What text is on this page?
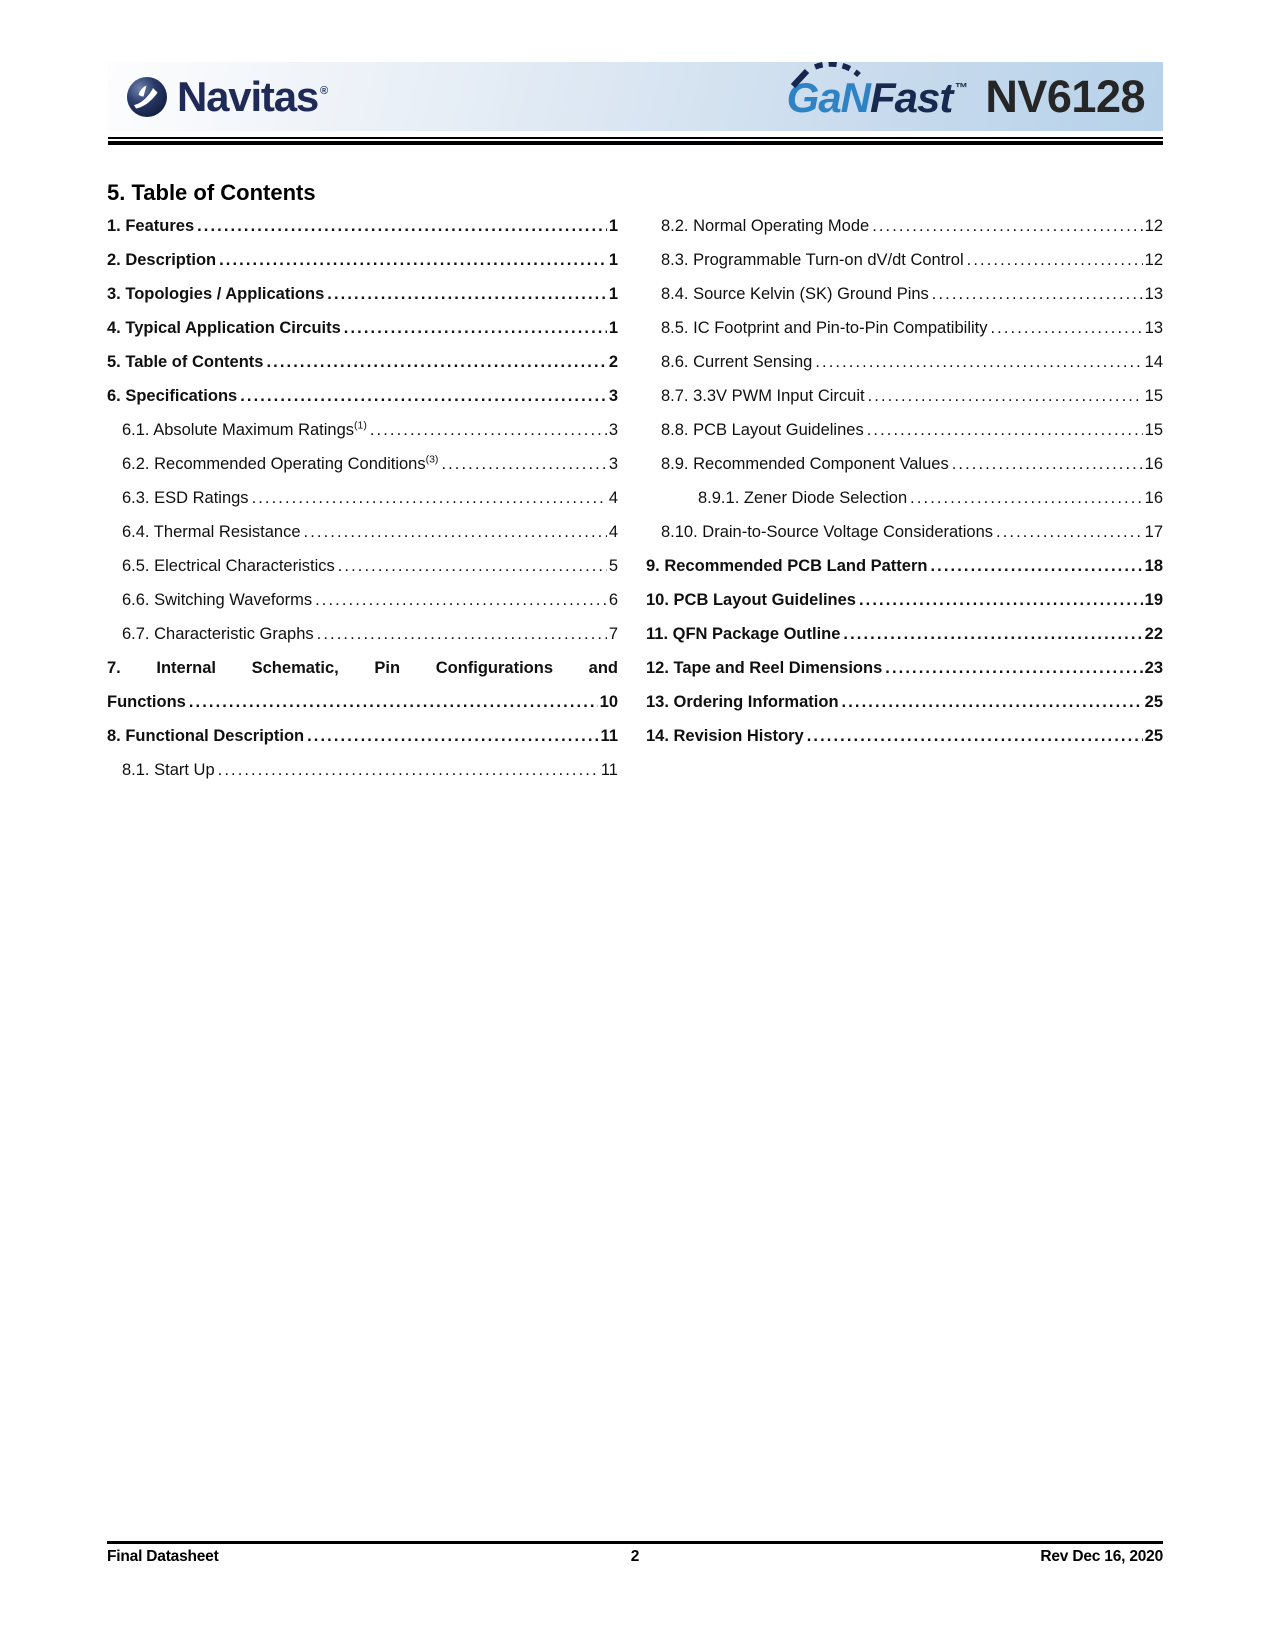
Navitas ®	GaNFast ™ NV6128
5. Table of Contents
1. Features .....	1
2. Description .....	1
3. Topologies / Applications .....	1
4. Typical Application Circuits .....	1
5. Table of Contents .....	2
6. Specifications .....	3
6.1. Absolute Maximum Ratings$^{(1)}$ .....	3
6.2. Recommended Operating Conditions$^{(3)}$ .....	3
6.3. ESD Ratings .....	4
6.4. Thermal Resistance .....	4
6.5. Electrical Characteristics .....	5
6.6. Switching Waveforms .....	6
6.7. Characteristic Graphs .....	7
7. Internal Schematic, Pin Configurations and
Functions .....	10
8. Functional Description .....	11
8.1. Start Up .....	11
8.2. Normal Operating Mode .....	12
8.3. Programmable Turn-on dV/dt Control .....	12
8.4. Source Kelvin (SK) Ground Pins .....	13
8.5. IC Footprint and Pin-to-Pin Compatibility .....	13
8.6. Current Sensing .....	14
8.7. 3.3V PWM Input Circuit .....	15
8.8. PCB Layout Guidelines .....	15
8.9. Recommended Component Values .....	16
8.9.1. Zener Diode Selection .....	16
8.10. Drain-to-Source Voltage Considerations .....	17
9. Recommended PCB Land Pattern .....	18
10. PCB Layout Guidelines .....	19
11. QFN Package Outline .....	22
12. Tape and Reel Dimensions .....	23
13. Ordering Information .....	25
14. Revision History .....	25
Final Datasheet	2	Rev Dec 16, 2020
